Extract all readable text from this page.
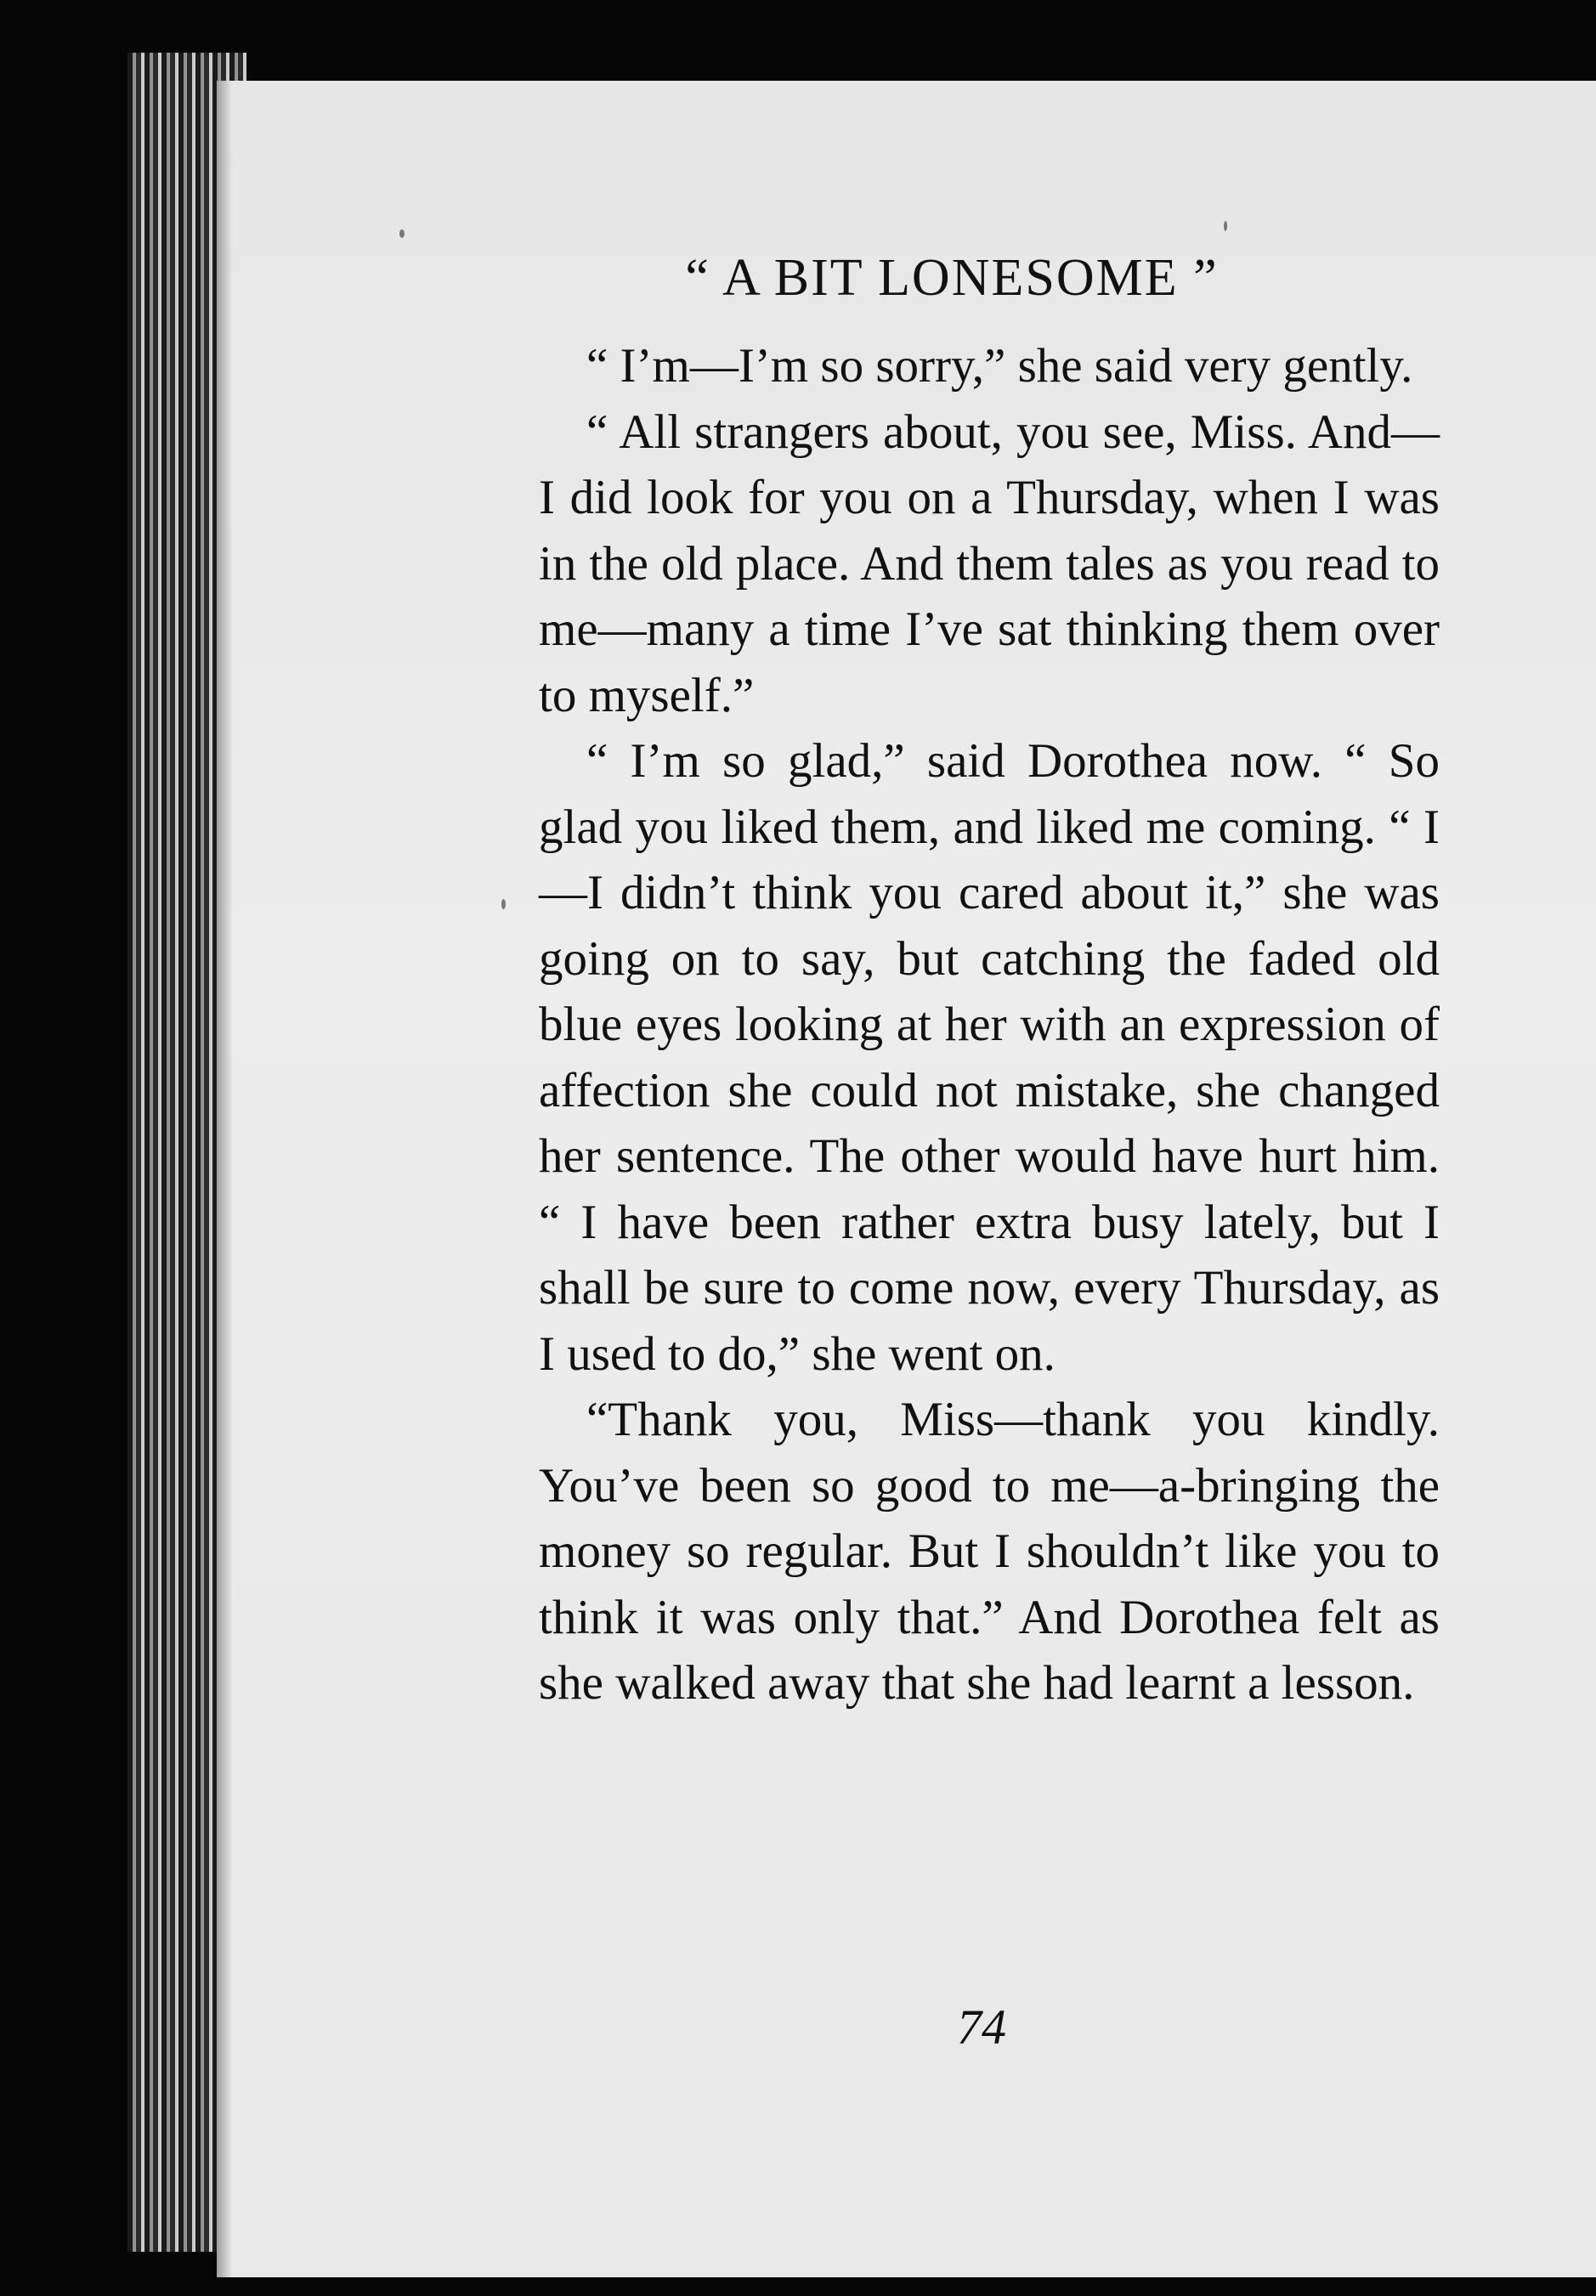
“ A BIT LONESOME ”

“ I’m—I’m so sorry,” she said very gently.

“ All strangers about, you see, Miss. And—I did look for you on a Thursday, when I was in the old place. And them tales as you read to me—many a time I’ve sat thinking them over to myself.”

“ I’m so glad,” said Dorothea now. “ So glad you liked them, and liked me coming. “ I—I didn’t think you cared about it,” she was going on to say, but catching the faded old blue eyes looking at her with an expression of affection she could not mistake, she changed her sentence. The other would have hurt him. “ I have been rather extra busy lately, but I shall be sure to come now, every Thursday, as I used to do,” she went on.

“Thank you, Miss—thank you kindly. You’ve been so good to me—a-bringing the money so regular. But I shouldn’t like you to think it was only that.” And Dorothea felt as she walked away that she had learnt a lesson.

74
